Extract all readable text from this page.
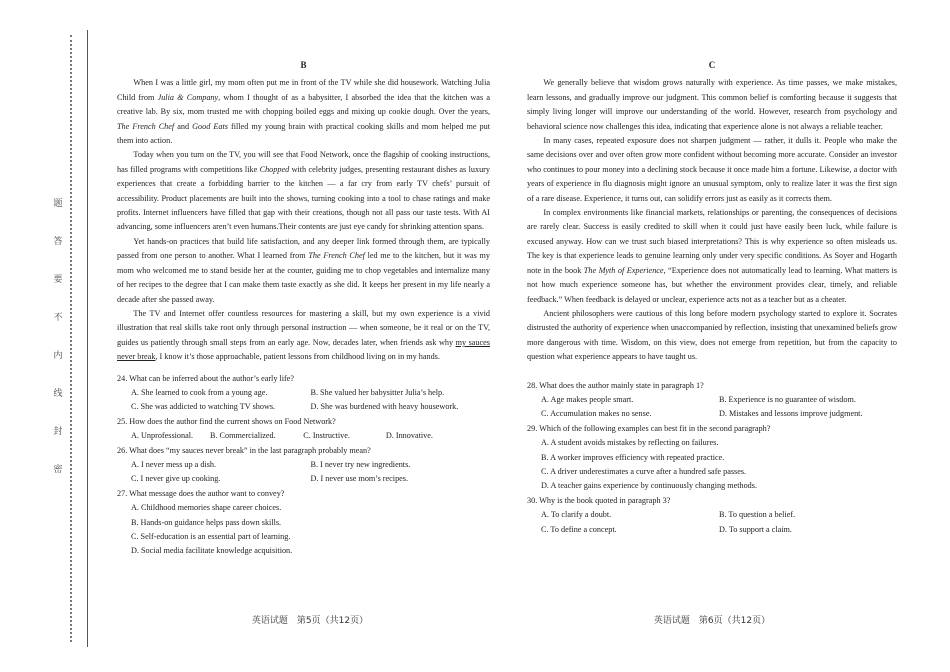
题
答
要
不
内
线
封
密
B

When I was a little girl, my mom often put me in front of the TV while she did housework. Watching Julia Child from Julia & Company, whom I thought of as a babysitter, I absorbed the idea that the kitchen was a creative lab. By six, mom trusted me with chopping boiled eggs and mixing up cookie dough. Over the years, The French Chef and Good Eats filled my young brain with practical cooking skills and mom helped me put them into action.

Today when you turn on the TV, you will see that Food Network, once the flagship of cooking instructions, has filled programs with competitions like Chopped with celebrity judges, presenting restaurant dishes as luxury experiences that create a forbidding barrier to the kitchen — a far cry from early TV chefs’ pursuit of accessibility. Product placements are built into the shows, turning cooking into a tool to chase ratings and make profits. Internet influencers have filled that gap with their creations, though not all pass our taste tests. With AI advancing, some influencers aren’t even humans.Their contents are just eye candy for shrinking attention spans.

Yet hands-on practices that build life satisfaction, and any deeper link formed through them, are typically passed from one person to another. What I learned from The French Chef led me to the kitchen, but it was my mom who welcomed me to stand beside her at the counter, guiding me to chop vegetables and internalize many of her recipes to the degree that I can make them taste exactly as she did. It keeps her present in my life nearly a decade after she passed away.

The TV and Internet offer countless resources for mastering a skill, but my own experience is a vivid illustration that real skills take root only through personal instruction — when someone, be it real or on the TV, guides us patiently through small steps from an early age. Now, decades later, when friends ask why my sauces never break, I know it’s those approachable, patient lessons from childhood living on in my hands.

24. What can be inferred about the author’s early life?

A. She learned to cook from a young age.	B. She valued her babysitter Julia’s help.
C. She was addicted to watching TV shows.	D. She was burdened with heavy housework.

25. How does the author find the current shows on Food Network?

A. Unprofessional.	B. Commercialized.	C. Instructive.	D. Innovative.

26. What does “my sauces never break” in the last paragraph probably mean?

A. I never mess up a dish.	B. I never try new ingredients.
C. I never give up cooking.	D. I never use mom’s recipes.

27. What message does the author want to convey?

A. Childhood memories shape career choices.
B. Hands-on guidance helps pass down skills.
C. Self-education is an essential part of learning.
D. Social media facilitate knowledge acquisition.
C

We generally believe that wisdom grows naturally with experience. As time passes, we make mistakes, learn lessons, and gradually improve our judgment. This common belief is comforting because it suggests that simply living longer will improve our understanding of the world. However, research from psychology and behavioral science now challenges this idea, indicating that experience alone is not always a reliable teacher.

In many cases, repeated exposure does not sharpen judgment — rather, it dulls it. People who make the same decisions over and over often grow more confident without becoming more accurate. Consider an investor who continues to pour money into a declining stock because it once made him a fortune. Likewise, a doctor with years of experience in flu diagnosis might ignore an unusual symptom, only to realize later it was the first sign of a rare disease. Experience, it turns out, can solidify errors just as easily as it corrects them.

In complex environments like financial markets, relationships or parenting, the consequences of decisions are rarely clear. Success is easily credited to skill when it could just have easily been luck, while failure is excused anyway. How can we trust such biased interpretations? This is why experience so often misleads us. The key is that experience leads to genuine learning only under very specific conditions. As Soyer and Hogarth note in the book The Myth of Experience, “Experience does not automatically lead to learning. What matters is not how much experience someone has, but whether the environment provides clear, timely, and reliable feedback.” When feedback is delayed or unclear, experience acts not as a teacher but as a cheater.

Ancient philosophers were cautious of this long before modern psychology started to explore it. Socrates distrusted the authority of experience when unaccompanied by reflection, insisting that unexamined beliefs grow more dangerous with time. Wisdom, on this view, does not emerge from repetition, but from the capacity to question what experience appears to have taught us.

28. What does the author mainly state in paragraph 1?

A. Age makes people smart.	B. Experience is no guarantee of wisdom.
C. Accumulation makes no sense.	D. Mistakes and lessons improve judgment.

29. Which of the following examples can best fit in the second paragraph?

A. A student avoids mistakes by reflecting on failures.
B. A worker improves efficiency with repeated practice.
C. A driver underestimates a curve after a hundred safe passes.
D. A teacher gains experience by continuously changing methods.

30. Why is the book quoted in paragraph 3?

A. To clarify a doubt.	B. To question a belief.
C. To define a concept.	D. To support a claim.
英语试题　第5页（共12页）	英语试题　第6页（共12页）
